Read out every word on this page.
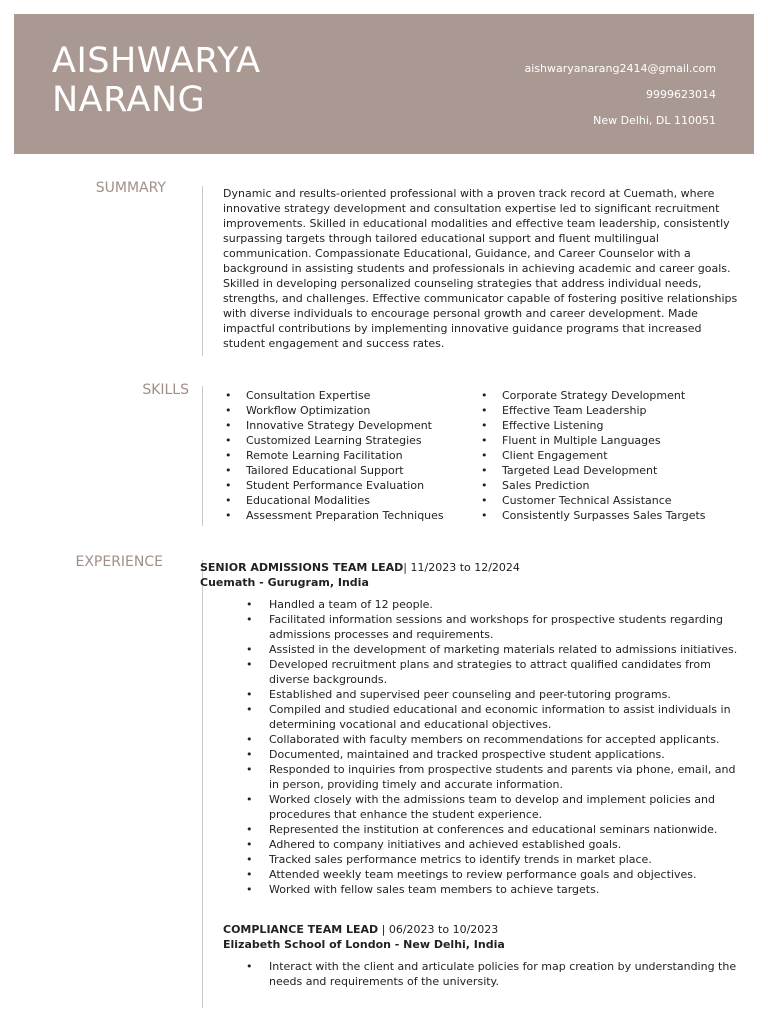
AISHWARYA
NARANG
aishwaryanarang2414@gmail.com
9999623014
New Delhi, DL 110051
SUMMARY	Dynamic and results-oriented professional with a proven track record at Cuemath, where innovative strategy development and consultation expertise led to significant recruitment improvements. Skilled in educational modalities and effective team leadership, consistently surpassing targets through tailored educational support and fluent multilingual communication. Compassionate Educational, Guidance, and Career Counselor with a background in assisting students and professionals in achieving academic and career goals. Skilled in developing personalized counseling strategies that address individual needs, strengths, and challenges. Effective communicator capable of fostering positive relationships with diverse individuals to encourage personal growth and career development. Made impactful contributions by implementing innovative guidance programs that increased student engagement and success rates.

SKILLS
•	Consultation Expertise
• Workflow Optimization
• Innovative Strategy Development
• Customized Learning Strategies
• Remote Learning Facilitation
• Tailored Educational Support
• Student Performance Evaluation
• Educational Modalities
• Assessment Preparation Techniques
• Corporate Strategy Development
• Effective Team Leadership
• Effective Listening
• Fluent in Multiple Languages
• Client Engagement
• Targeted Lead Development
• Sales Prediction
• Customer Technical Assistance
• Consistently Surpasses Sales Targets
EXPERIENCE	SENIOR ADMISSIONS TEAM LEAD| 11/2023 to 12/2024
Cuemath - Gurugram, India
• Handled a team of 12 people.
• Facilitated information sessions and workshops for prospective students regarding admissions processes and requirements.
• Assisted in the development of marketing materials related to admissions initiatives.
• Developed recruitment plans and strategies to attract qualified candidates from diverse backgrounds.
• Established and supervised peer counseling and peer-tutoring programs.
• Compiled and studied educational and economic information to assist individuals in determining vocational and educational objectives.
• Collaborated with faculty members on recommendations for accepted applicants.
• Documented, maintained and tracked prospective student applications.
• Responded to inquiries from prospective students and parents via phone, email, and in person, providing timely and accurate information.
• Worked closely with the admissions team to develop and implement policies and procedures that enhance the student experience.
• Represented the institution at conferences and educational seminars nationwide.
• Adhered to company initiatives and achieved established goals.
• Tracked sales performance metrics to identify trends in market place.
• Attended weekly team meetings to review performance goals and objectives.
• Worked with fellow sales team members to achieve targets.
COMPLIANCE TEAM LEAD | 06/2023 to 10/2023
Elizabeth School of London - New Delhi, India
• Interact with the client and articulate policies for map creation by understanding the needs and requirements of the university.
